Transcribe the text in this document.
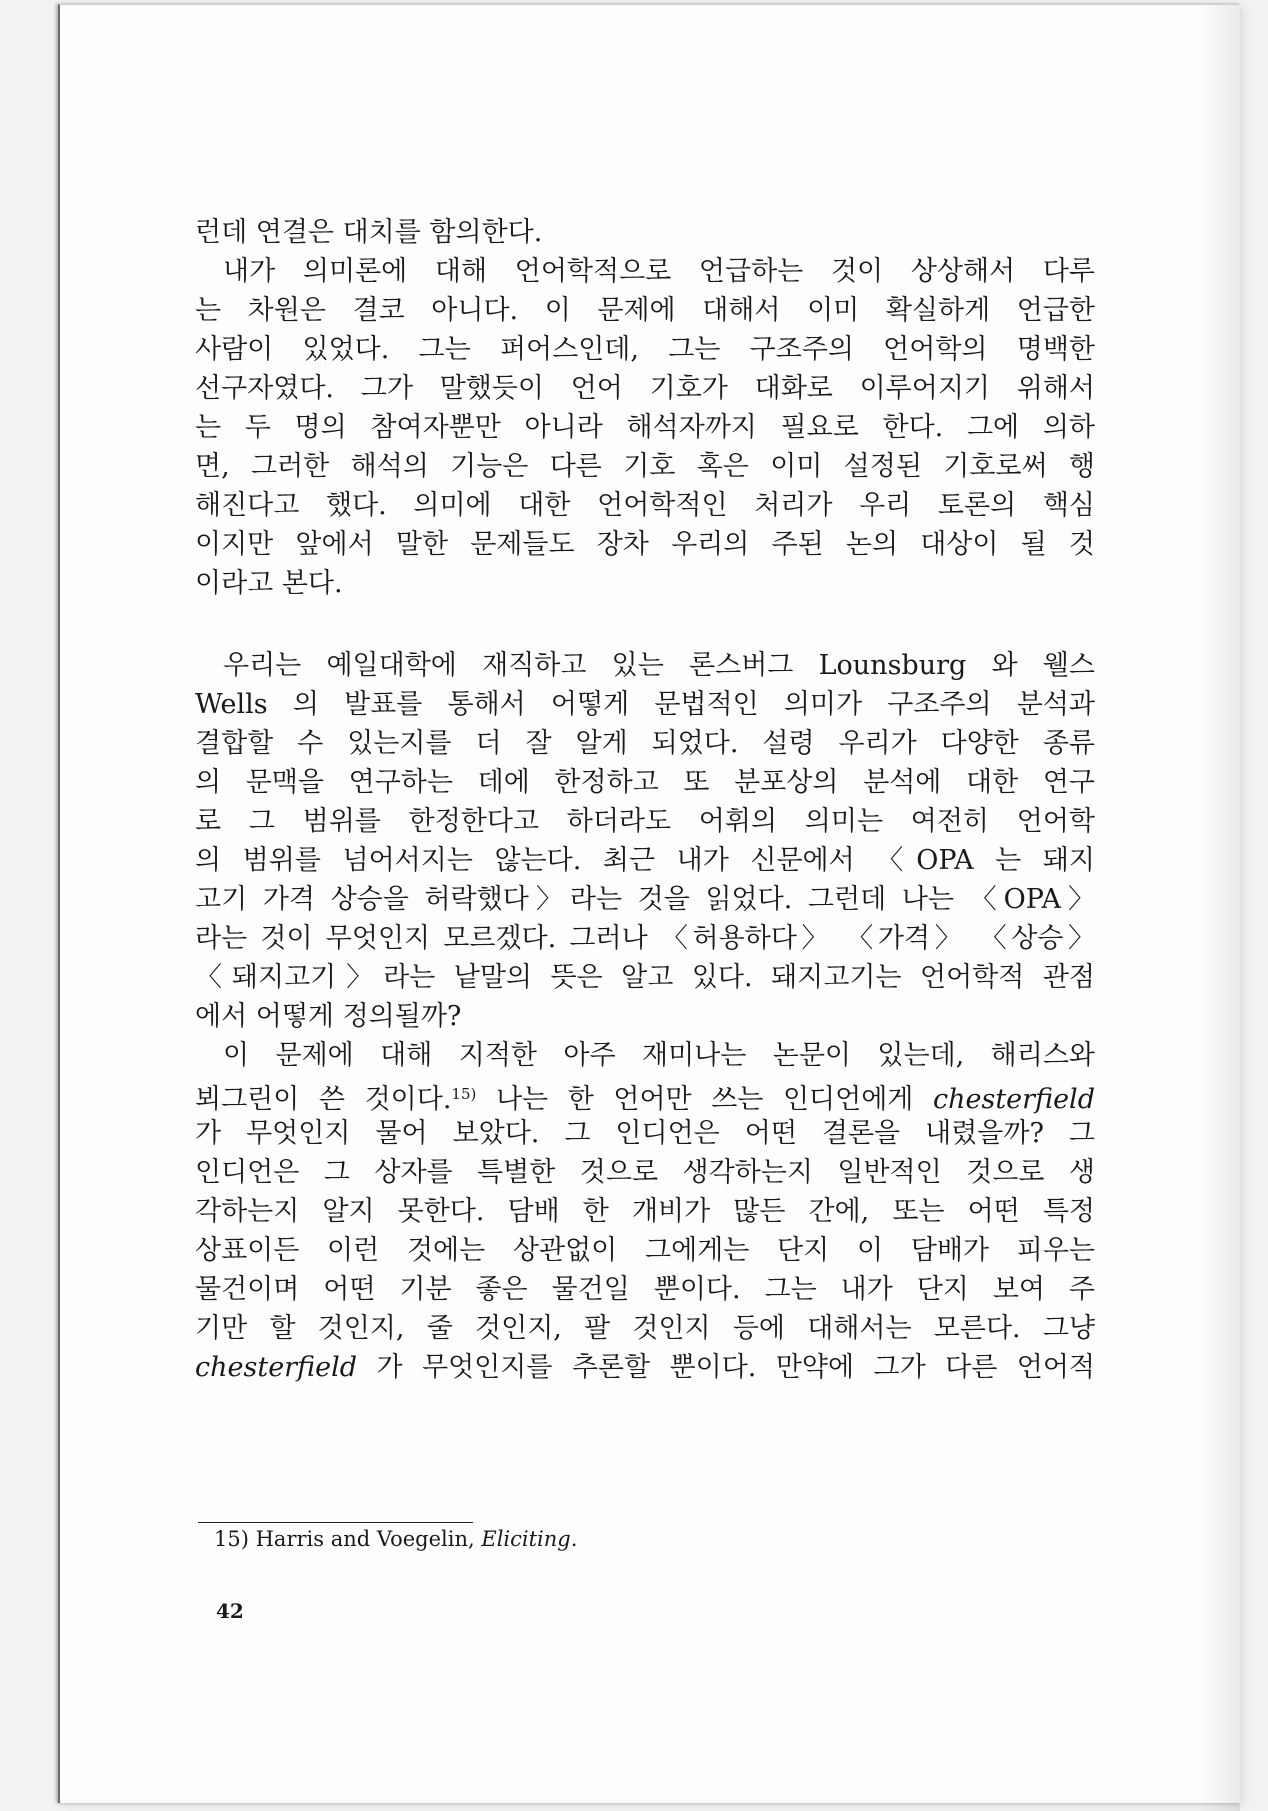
런데 연결은 대치를 함의한다.
내가 의미론에 대해 언어학적으로 언급하는 것이 상상해서 다루
는 차원은 결코 아니다. 이 문제에 대해서 이미 확실하게 언급한
사람이 있었다. 그는 퍼어스인데, 그는 구조주의 언어학의 명백한
선구자였다. 그가 말했듯이 언어 기호가 대화로 이루어지기 위해서
는 두 명의 참여자뿐만 아니라 해석자까지 필요로 한다. 그에 의하
면, 그러한 해석의 기능은 다른 기호 혹은 이미 설정된 기호로써 행
해진다고 했다. 의미에 대한 언어학적인 처리가 우리 토론의 핵심
이지만 앞에서 말한 문제들도 장차 우리의 주된 논의 대상이 될 것
이라고 본다.
우리는 예일대학에 재직하고 있는 론스버그 Lounsburg 와 웰스
Wells 의 발표를 통해서 어떻게 문법적인 의미가 구조주의 분석과
결합할 수 있는지를 더 잘 알게 되었다. 설령 우리가 다양한 종류
의 문맥을 연구하는 데에 한정하고 또 분포상의 분석에 대한 연구
로 그 범위를 한정한다고 하더라도 어휘의 의미는 여전히 언어학
의 범위를 넘어서지는 않는다. 최근 내가 신문에서 〈OPA 는 돼지
고기 가격 상승을 허락했다〉라는 것을 읽었다. 그런데 나는 〈OPA〉
라는 것이 무엇인지 모르겠다. 그러나 〈허용하다〉 〈가격〉 〈상승〉
〈돼지고기〉라는 낱말의 뜻은 알고 있다. 돼지고기는 언어학적 관점
에서 어떻게 정의될까?
이 문제에 대해 지적한 아주 재미나는 논문이 있는데, 해리스와
뵈그린이 쓴 것이다.$^{15)}$ 나는 한 언어만 쓰는 인디언에게 chesterfield
가 무엇인지 물어 보았다. 그 인디언은 어떤 결론을 내렸을까? 그
인디언은 그 상자를 특별한 것으로 생각하는지 일반적인 것으로 생
각하는지 알지 못한다. 담배 한 개비가 많든 간에, 또는 어떤 특정
상표이든 이런 것에는 상관없이 그에게는 단지 이 담배가 피우는
물건이며 어떤 기분 좋은 물건일 뿐이다. 그는 내가 단지 보여 주
기만 할 것인지, 줄 것인지, 팔 것인지 등에 대해서는 모른다. 그냥
chesterfield 가 무엇인지를 추론할 뿐이다. 만약에 그가 다른 언어적
15) Harris and Voegelin, Eliciting.
42
